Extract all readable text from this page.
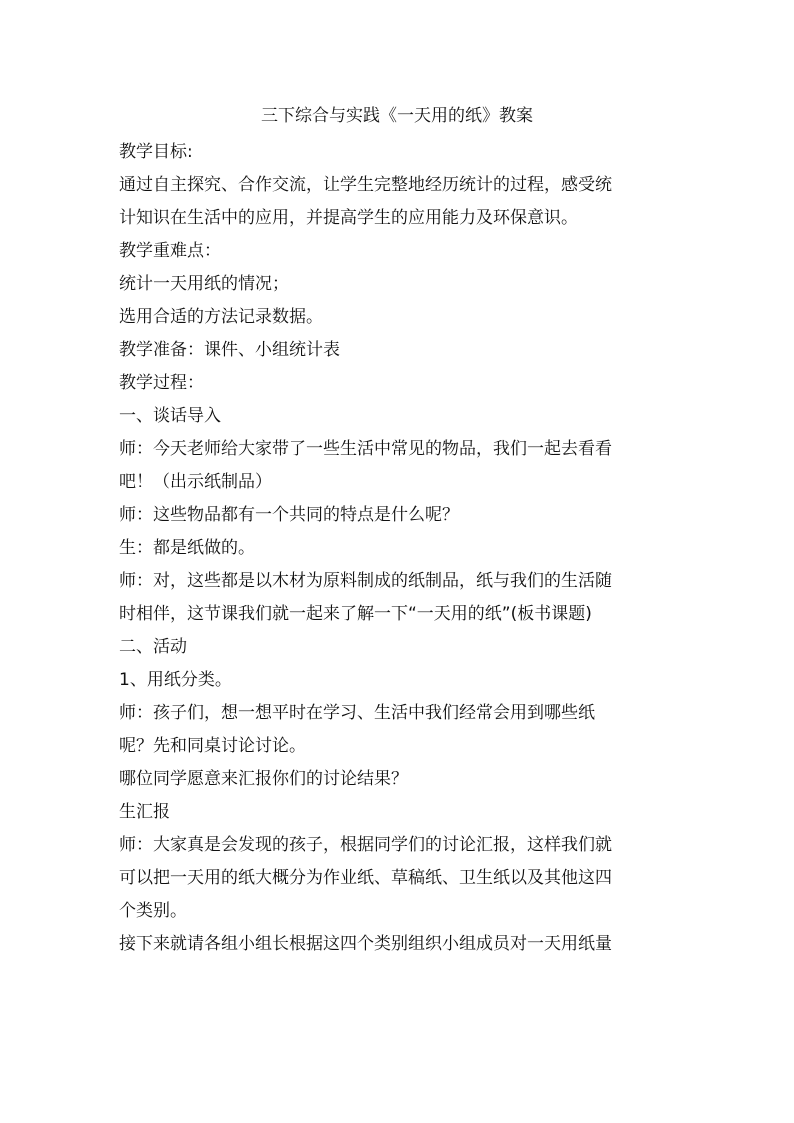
三下综合与实践《一天用的纸》教案

教学目标:

通过自主探究、合作交流，让学生完整地经历统计的过程，感受统

计知识在生活中的应用，并提高学生的应用能力及环保意识。

教学重难点：

统计一天用纸的情况；

选用合适的方法记录数据。

教学准备：课件、小组统计表

教学过程：

一、谈话导入

师：今天老师给大家带了一些生活中常见的物品，我们一起去看看

吧！（出示纸制品）

师：这些物品都有一个共同的特点是什么呢？

生：都是纸做的。

师：对，这些都是以木材为原料制成的纸制品，纸与我们的生活随

时相伴，这节课我们就一起来了解一下“一天用的纸”(板书课题)

二、活动

1、用纸分类。

师：孩子们，想一想平时在学习、生活中我们经常会用到哪些纸

呢？先和同桌讨论讨论。

哪位同学愿意来汇报你们的讨论结果？

生汇报

师：大家真是会发现的孩子，根据同学们的讨论汇报，这样我们就

可以把一天用的纸大概分为作业纸、草稿纸、卫生纸以及其他这四

个类别。

接下来就请各组小组长根据这四个类别组织小组成员对一天用纸量
